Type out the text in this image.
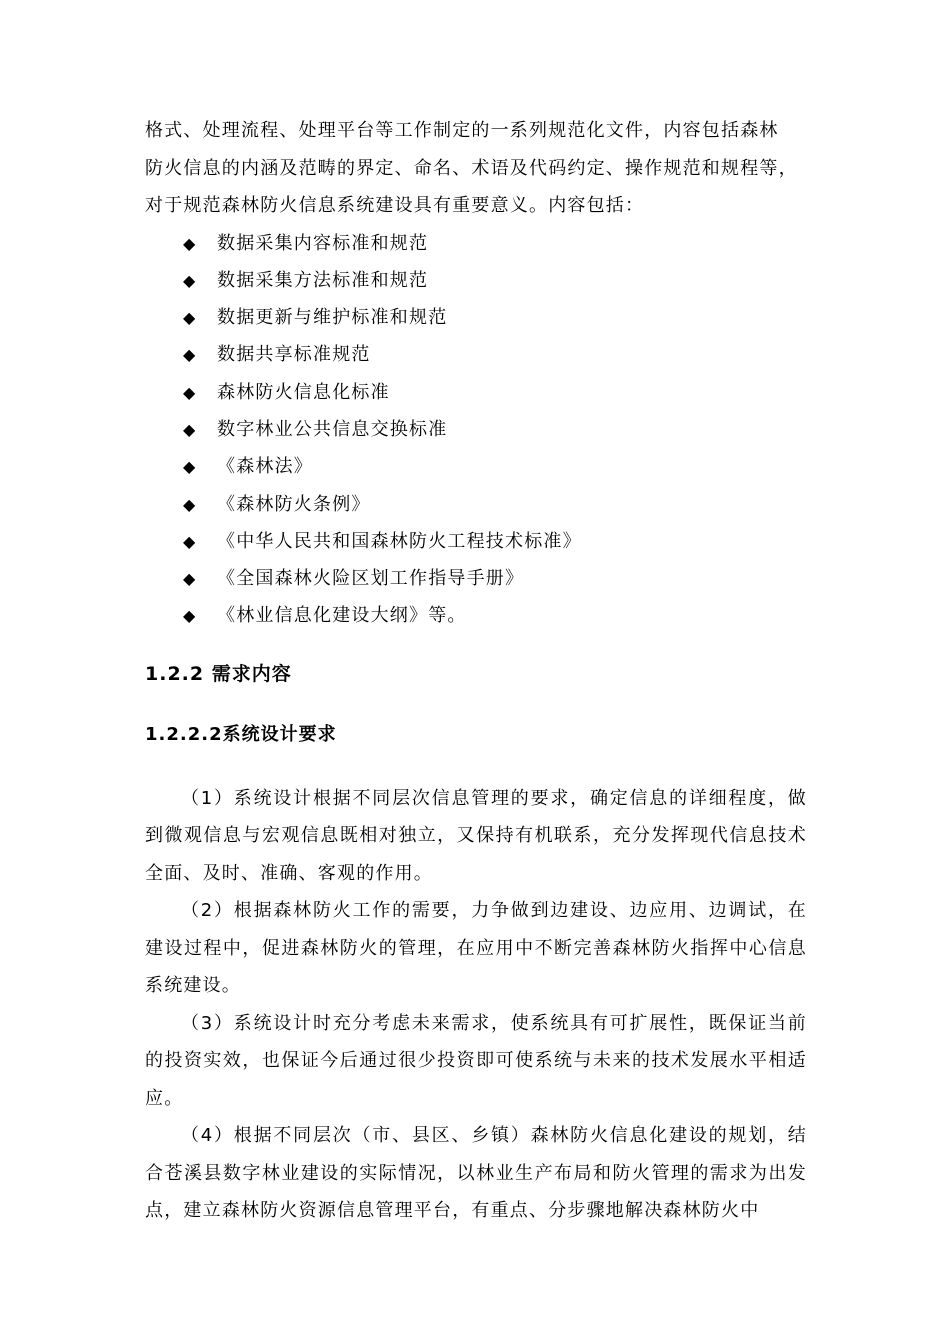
格式、处理流程、处理平台等工作制定的一系列规范化文件，内容包括森林

防火信息的内涵及范畴的界定、命名、术语及代码约定、操作规范和规程等，

对于规范森林防火信息系统建设具有重要意义。内容包括：

◆ 数据采集内容标准和规范
◆ 数据采集方法标准和规范
◆ 数据更新与维护标准和规范
◆ 数据共享标准规范
◆ 森林防火信息化标准
◆ 数字林业公共信息交换标准
◆ 《森林法》
◆ 《森林防火条例》
◆ 《中华人民共和国森林防火工程技术标准》
◆ 《全国森林火险区划工作指导手册》
◆ 《林业信息化建设大纲》等。
1.2.2 需求内容
1.2.2.2系统设计要求

（1）系统设计根据不同层次信息管理的要求，确定信息的详细程度，做到微观信息与宏观信息既相对独立，又保持有机联系，充分发挥现代信息技术全面、及时、准确、客观的作用。

（2）根据森林防火工作的需要，力争做到边建设、边应用、边调试，在建设过程中，促进森林防火的管理，在应用中不断完善森林防火指挥中心信息系统建设。

（3）系统设计时充分考虑未来需求，使系统具有可扩展性，既保证当前的投资实效，也保证今后通过很少投资即可使系统与未来的技术发展水平相适应。

（4）根据不同层次（市、县区、乡镇）森林防火信息化建设的规划，结合苍溪县数字林业建设的实际情况，以林业生产布局和防火管理的需求为出发点，建立森林防火资源信息管理平台，有重点、分步骤地解决森林防火中
